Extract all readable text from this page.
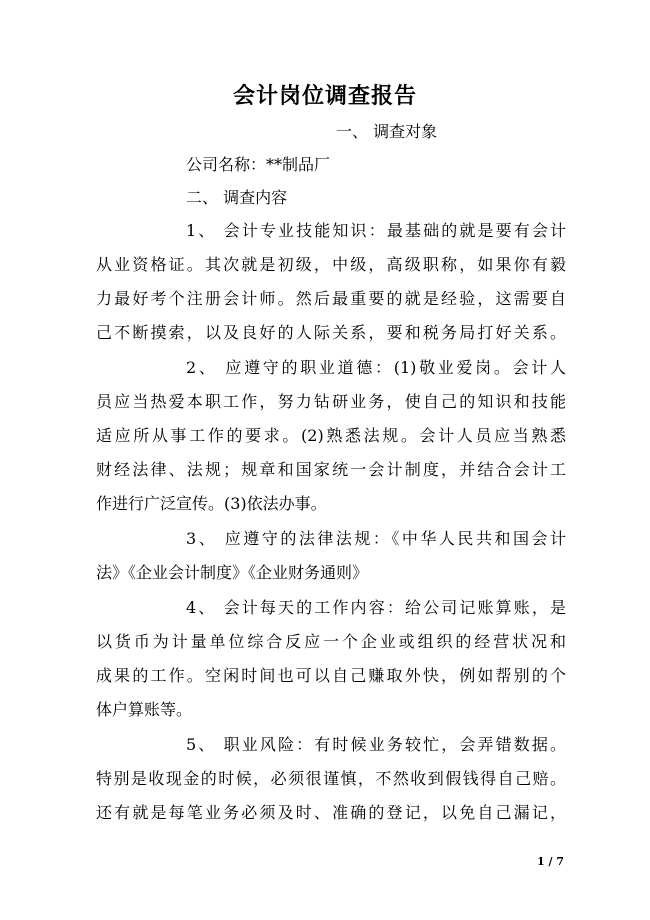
会计岗位调查报告
一、 调查对象
公司名称：**制品厂
二、 调查内容
1、 会计专业技能知识：最基础的就是要有会计
从业资格证。其次就是初级，中级，高级职称，如果你有毅
力最好考个注册会计师。然后最重要的就是经验，这需要自
己不断摸索，以及良好的人际关系，要和税务局打好关系。
2、 应遵守的职业道德：(1)敬业爱岗。会计人
员应当热爱本职工作，努力钻研业务，使自己的知识和技能
适应所从事工作的要求。(2)熟悉法规。会计人员应当熟悉
财经法律、法规；规章和国家统一会计制度，并结合会计工
作进行广泛宣传。(3)依法办事。
3、 应遵守的法律法规：《中华人民共和国会计
法》《企业会计制度》《企业财务通则》
4、 会计每天的工作内容：给公司记账算账，是
以货币为计量单位综合反应一个企业或组织的经营状况和
成果的工作。空闲时间也可以自己赚取外快，例如帮别的个
体户算账等。
5、 职业风险：有时候业务较忙，会弄错数据。
特别是收现金的时候，必须很谨慎，不然收到假钱得自己赔。
还有就是每笔业务必须及时、准确的登记，以免自己漏记，
1 / 7
